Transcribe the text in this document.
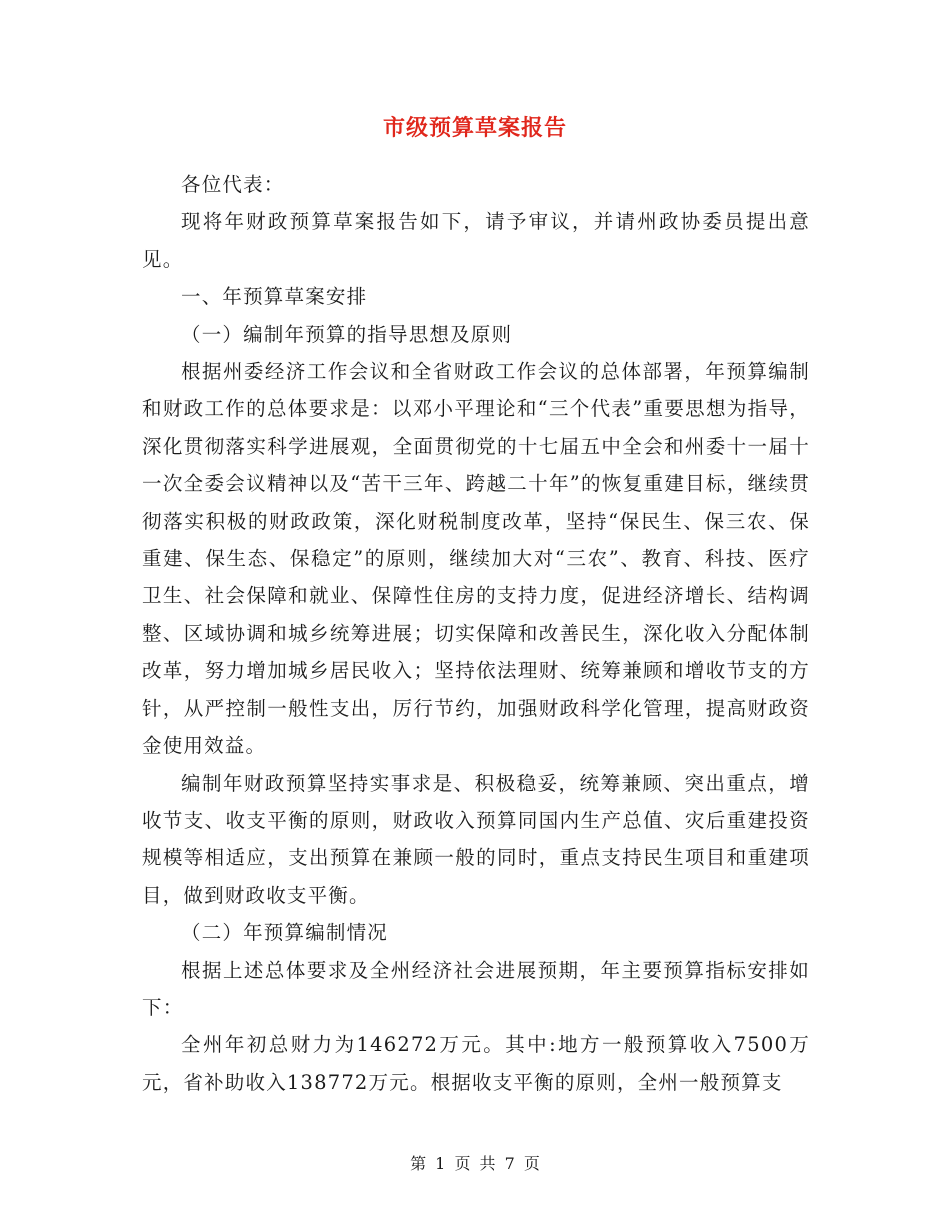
市级预算草案报告

各位代表：

现将年财政预算草案报告如下，请予审议，并请州政协委员提出意见。

一、年预算草案安排

（一）编制年预算的指导思想及原则

根据州委经济工作会议和全省财政工作会议的总体部署，年预算编制和财政工作的总体要求是：以邓小平理论和“三个代表”重要思想为指导，深化贯彻落实科学进展观，全面贯彻党的十七届五中全会和州委十一届十一次全委会议精神以及“苦干三年、跨越二十年”的恢复重建目标，继续贯彻落实积极的财政政策，深化财税制度改革，坚持“保民生、保三农、保重建、保生态、保稳定”的原则，继续加大对“三农”、教育、科技、医疗卫生、社会保障和就业、保障性住房的支持力度，促进经济增长、结构调整、区域协调和城乡统筹进展；切实保障和改善民生，深化收入分配体制改革，努力增加城乡居民收入；坚持依法理财、统筹兼顾和增收节支的方针，从严控制一般性支出，厉行节约，加强财政科学化管理，提高财政资金使用效益。

编制年财政预算坚持实事求是、积极稳妥，统筹兼顾、突出重点，增收节支、收支平衡的原则，财政收入预算同国内生产总值、灾后重建投资规模等相适应，支出预算在兼顾一般的同时，重点支持民生项目和重建项目，做到财政收支平衡。

（二）年预算编制情况

根据上述总体要求及全州经济社会进展预期，年主要预算指标安排如下：

全州年初总财力为146272万元。其中:地方一般预算收入7500万元，省补助收入138772万元。根据收支平衡的原则，全州一般预算支

第 1 页 共 7 页
